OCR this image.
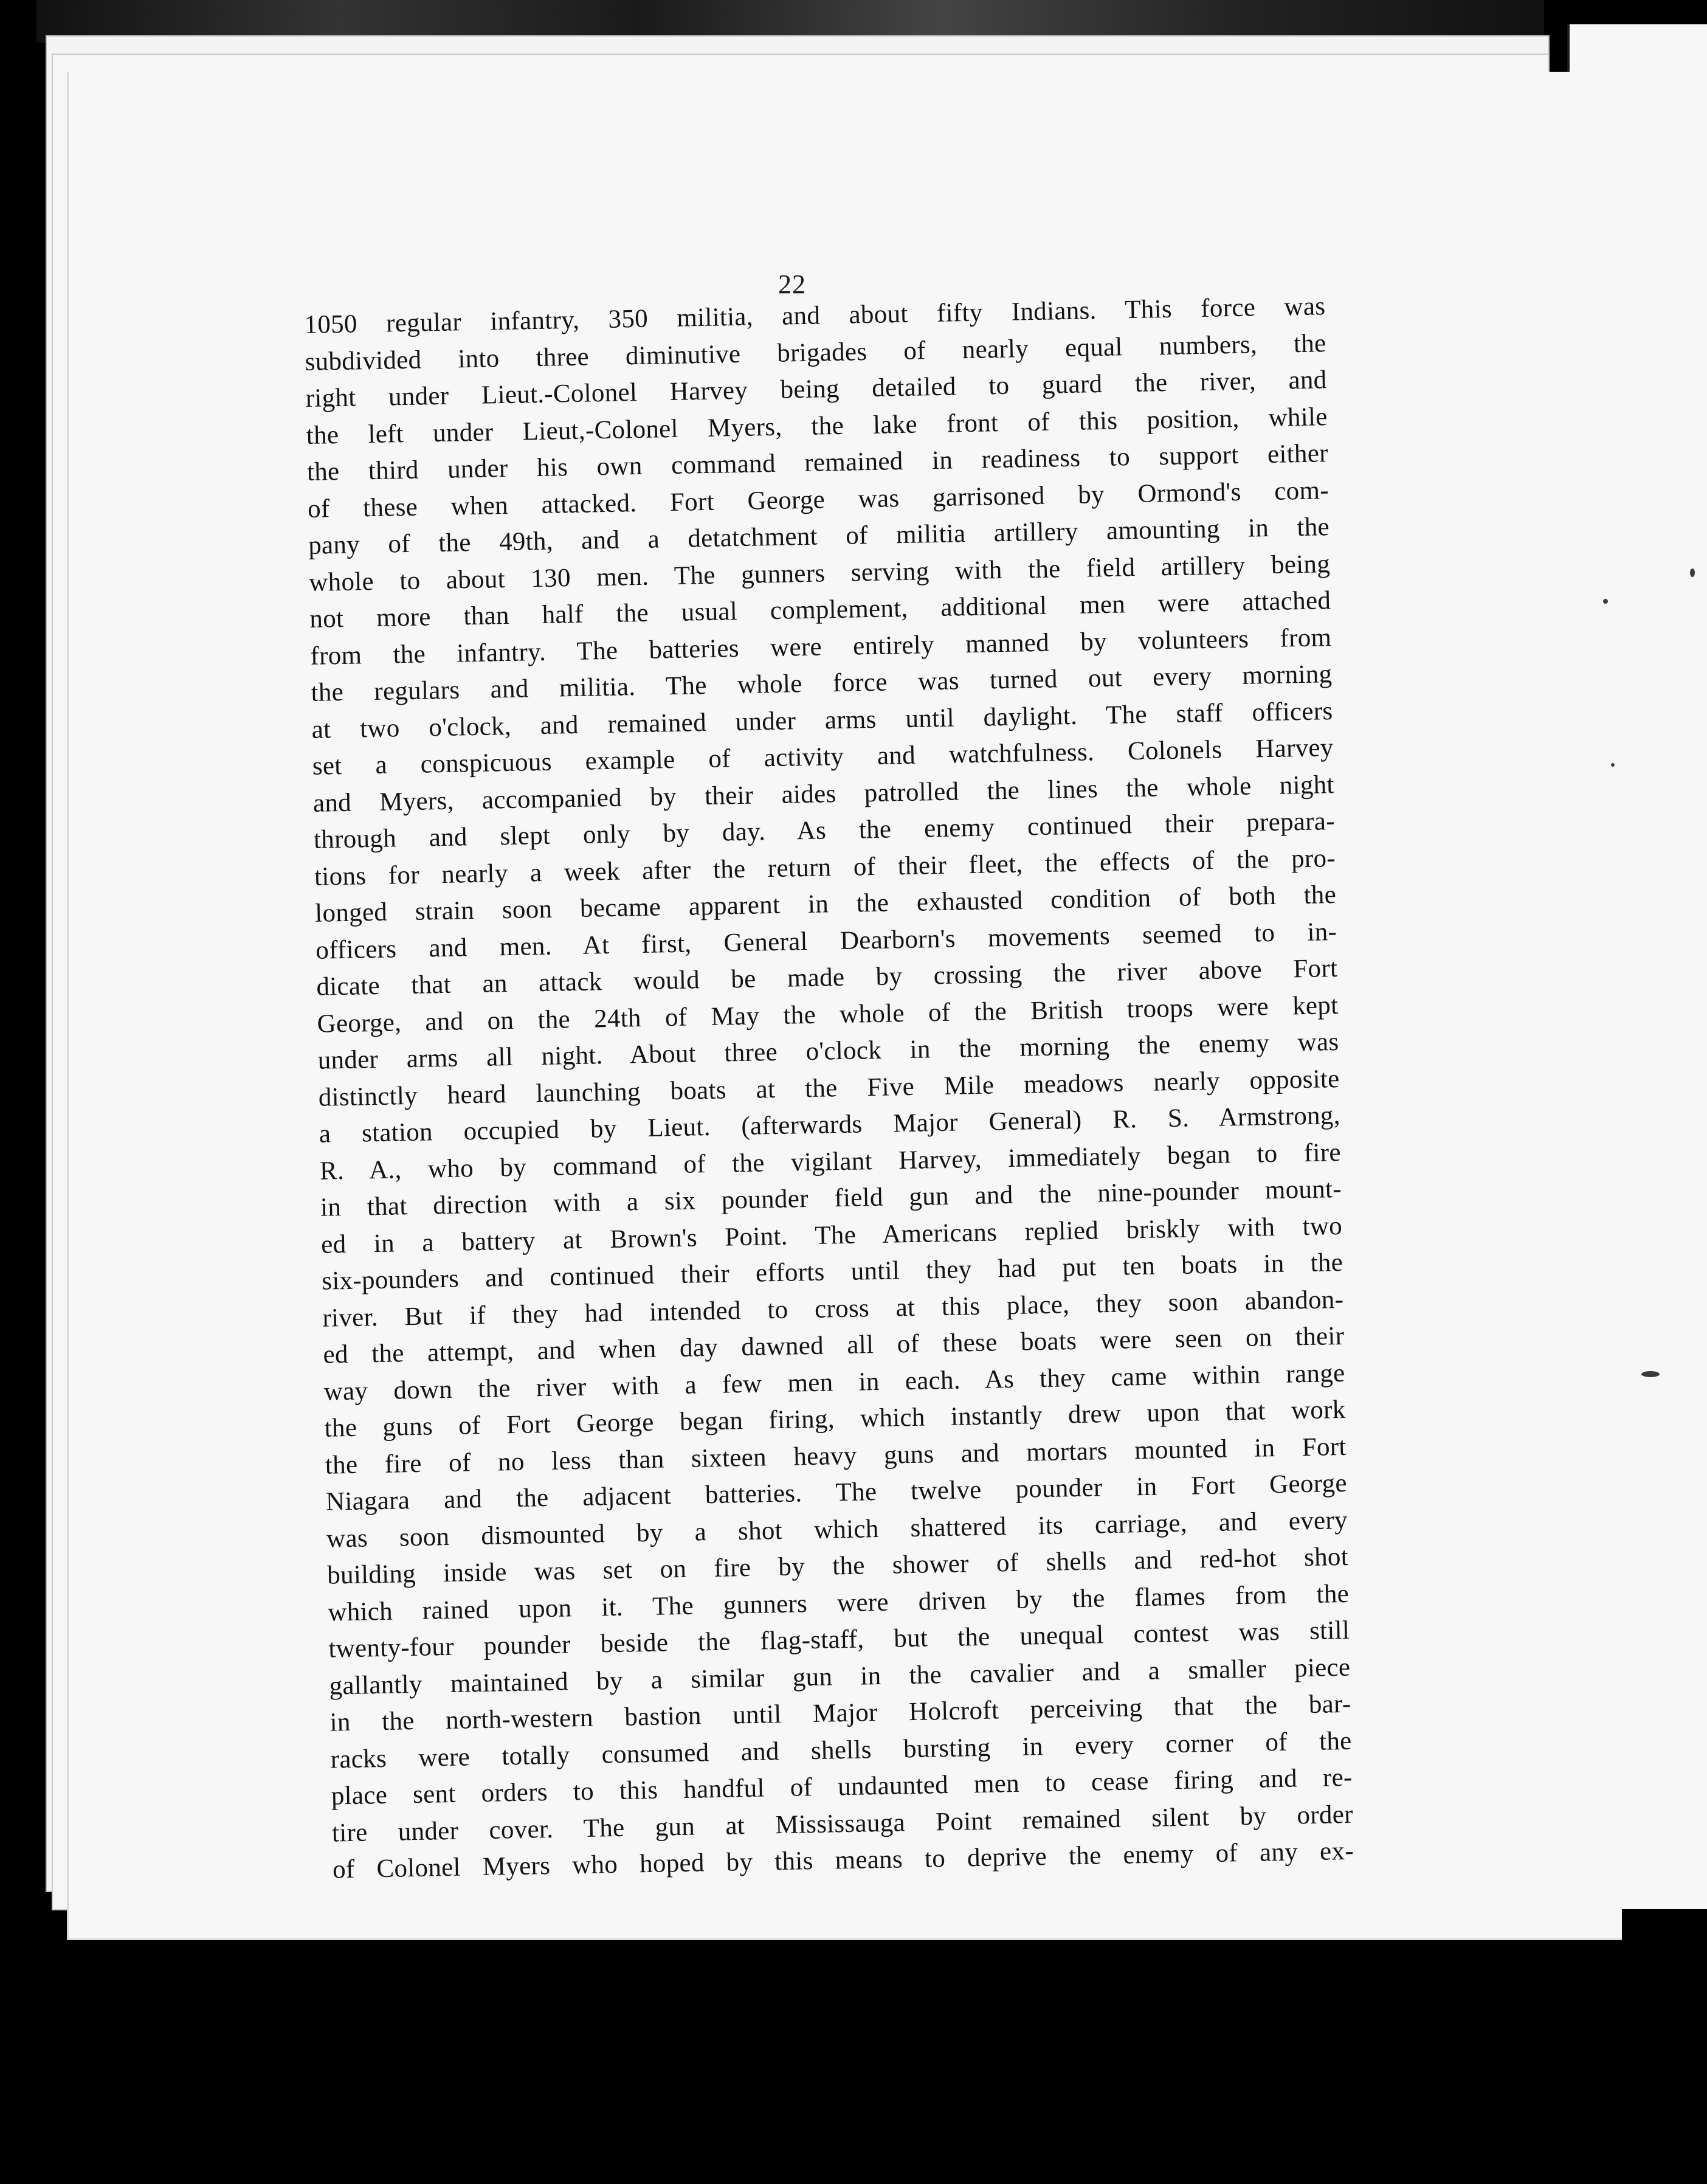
22
1050 regular infantry, 350 militia, and about fifty Indians. This force was
subdivided into three diminutive brigades of nearly equal numbers, the
right under Lieut.-Colonel Harvey being detailed to guard the river, and
the left under Lieut,-Colonel Myers, the lake front of this position, while
the third under his own command remained in readiness to support either
of these when attacked. Fort George was garrisoned by Ormond's com-
pany of the 49th, and a detatchment of militia artillery amounting in the
whole to about 130 men. The gunners serving with the field artillery being
not more than half the usual complement, additional men were attached
from the infantry. The batteries were entirely manned by volunteers from
the regulars and militia. The whole force was turned out every morning
at two o'clock, and remained under arms until daylight. The staff officers
set a conspicuous example of activity and watchfulness. Colonels Harvey
and Myers, accompanied by their aides patrolled the lines the whole night
through and slept only by day. As the enemy continued their prepara-
tions for nearly a week after the return of their fleet, the effects of the pro-
longed strain soon became apparent in the exhausted condition of both the
officers and men. At first, General Dearborn's movements seemed to in-
dicate that an attack would be made by crossing the river above Fort
George, and on the 24th of May the whole of the British troops were kept
under arms all night. About three o'clock in the morning the enemy was
distinctly heard launching boats at the Five Mile meadows nearly opposite
a station occupied by Lieut. (afterwards Major General) R. S. Armstrong,
R. A., who by command of the vigilant Harvey, immediately began to fire
in that direction with a six pounder field gun and the nine-pounder mount-
ed in a battery at Brown's Point. The Americans replied briskly with two
six-pounders and continued their efforts until they had put ten boats in the
river. But if they had intended to cross at this place, they soon abandon-
ed the attempt, and when day dawned all of these boats were seen on their
way down the river with a few men in each. As they came within range
the guns of Fort George began firing, which instantly drew upon that work
the fire of no less than sixteen heavy guns and mortars mounted in Fort
Niagara and the adjacent batteries. The twelve pounder in Fort George
was soon dismounted by a shot which shattered its carriage, and every
building inside was set on fire by the shower of shells and red-hot shot
which rained upon it. The gunners were driven by the flames from the
twenty-four pounder beside the flag-staff, but the unequal contest was still
gallantly maintained by a similar gun in the cavalier and a smaller piece
in the north-western bastion until Major Holcroft perceiving that the bar-
racks were totally consumed and shells bursting in every corner of the
place sent orders to this handful of undaunted men to cease firing and re-
tire under cover. The gun at Mississauga Point remained silent by order
of Colonel Myers who hoped by this means to deprive the enemy of any ex-
